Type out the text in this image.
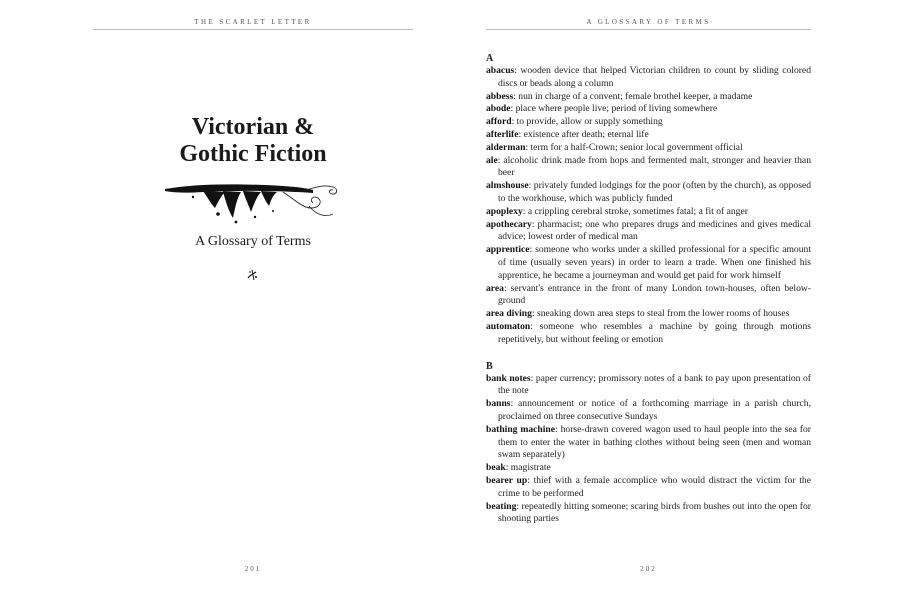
THE SCARLET LETTER
Victorian &
Gothic Fiction
A Glossary of Terms
201
A GLOSSARY OF TERMS

A

abacus: wooden device that helped Victorian children to count by sliding colored discs or beads along a column

abbess: nun in charge of a convent; female brothel keeper, a madame

abode: place where people live; period of living somewhere

afford: to provide, allow or supply something

afterlife: existence after death; eternal life

alderman: term for a half-Crown; senior local government official

ale: alcoholic drink made from hops and fermented malt, stronger and heavier than beer

almshouse: privately funded lodgings for the poor (often by the church), as opposed to the workhouse, which was publicly funded

apoplexy: a crippling cerebral stroke, sometimes fatal; a fit of anger

apothecary: pharmacist; one who prepares drugs and medicines and gives medical advice; lowest order of medical man

apprentice: someone who works under a skilled professional for a specific amount of time (usually seven years) in order to learn a trade. When one finished his apprentice, he became a journeyman and would get paid for work himself

area: servant's entrance in the front of many London town-houses, often below-ground

area diving: sneaking down area steps to steal from the lower rooms of houses

automaton: someone who resembles a machine by going through motions repetitively, but without feeling or emotion

B

bank notes: paper currency; promissory notes of a bank to pay upon presentation of the note

banns: announcement or notice of a forthcoming marriage in a parish church, proclaimed on three consecutive Sundays

bathing machine: horse-drawn covered wagon used to haul people into the sea for them to enter the water in bathing clothes without being seen (men and woman swam separately)

beak: magistrate

bearer up: thief with a female accomplice who would distract the victim for the crime to be performed

beating: repeatedly hitting someone; scaring birds from bushes out into the open for shooting parties

202
